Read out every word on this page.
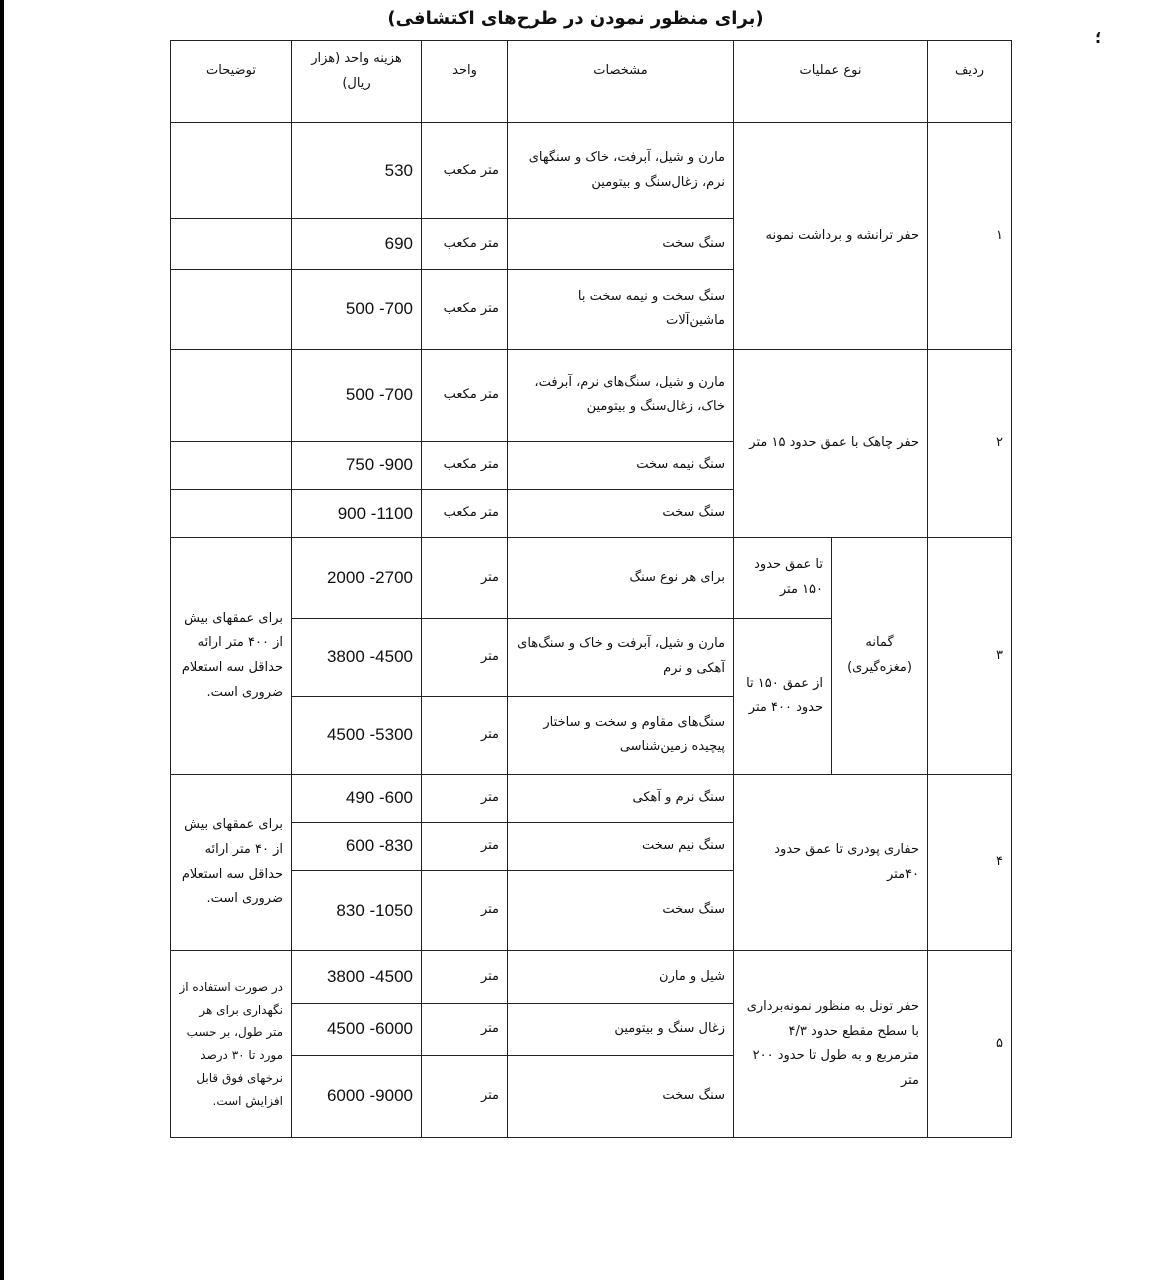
(برای منظور نمودن در طرح‌های اکتشافی)
؛
ردیف	نوع عملیات		مشخصات	واحد	هزینه واحد (هزار ریال)	توضیحات
۱	حفر ترانشه و برداشت نمونه		مارن و شیل، آبرفت، خاک و سنگهای نرم، زغال‌سنگ و بیتومین	متر مکعب	530	
			سنگ سخت	متر مکعب	690	
			سنگ سخت و نیمه سخت با ماشین‌آلات	متر مکعب	500 -700	
۲	حفر چاهک با عمق حدود ۱۵ متر		مارن و شیل، سنگ‌های نرم، آبرفت، خاک، زغال‌سنگ و بیتومین	متر مکعب	500 -700	
			سنگ نیمه سخت	متر مکعب	750 -900	
			سنگ سخت	متر مکعب	900 -1100	
۳	گمانه (مغزه‌گیری)	تا عمق حدود ۱۵۰ متر	برای هر نوع سنگ	متر	2000 -2700	برای عمقهای بیش از ۴۰۰ متر ارائه حداقل سه استعلام ضروری است.
		از عمق ۱۵۰ تا حدود ۴۰۰ متر	مارن و شیل، آبرفت و خاک و سنگ‌های آهکی و نرم	متر	3800 -4500	
			سنگ‌های مقاوم و سخت و ساختار پیچیده زمین‌شناسی	متر	4500 -5300	
۴	حفاری پودری تا عمق حدود ۴۰متر		سنگ نرم و آهکی	متر	490 -600	برای عمقهای بیش از ۴۰ متر ارائه حداقل سه استعلام ضروری است.
			سنگ نیم سخت	متر	600 -830	
			سنگ سخت	متر	830 -1050	
۵	حفر تونل به منظور نمونه‌برداری با سطح مقطع حدود ۴/۳ مترمربع و به طول تا حدود ۲۰۰ متر		شیل و مارن	متر	3800 -4500	در صورت استفاده از نگهداری برای هر متر طول، بر حسب مورد تا ۳۰ درصد نرخهای فوق قابل افزایش است.
			زغال سنگ و بیتومین	متر	4500 -6000	
			سنگ سخت	متر	6000 -9000	
